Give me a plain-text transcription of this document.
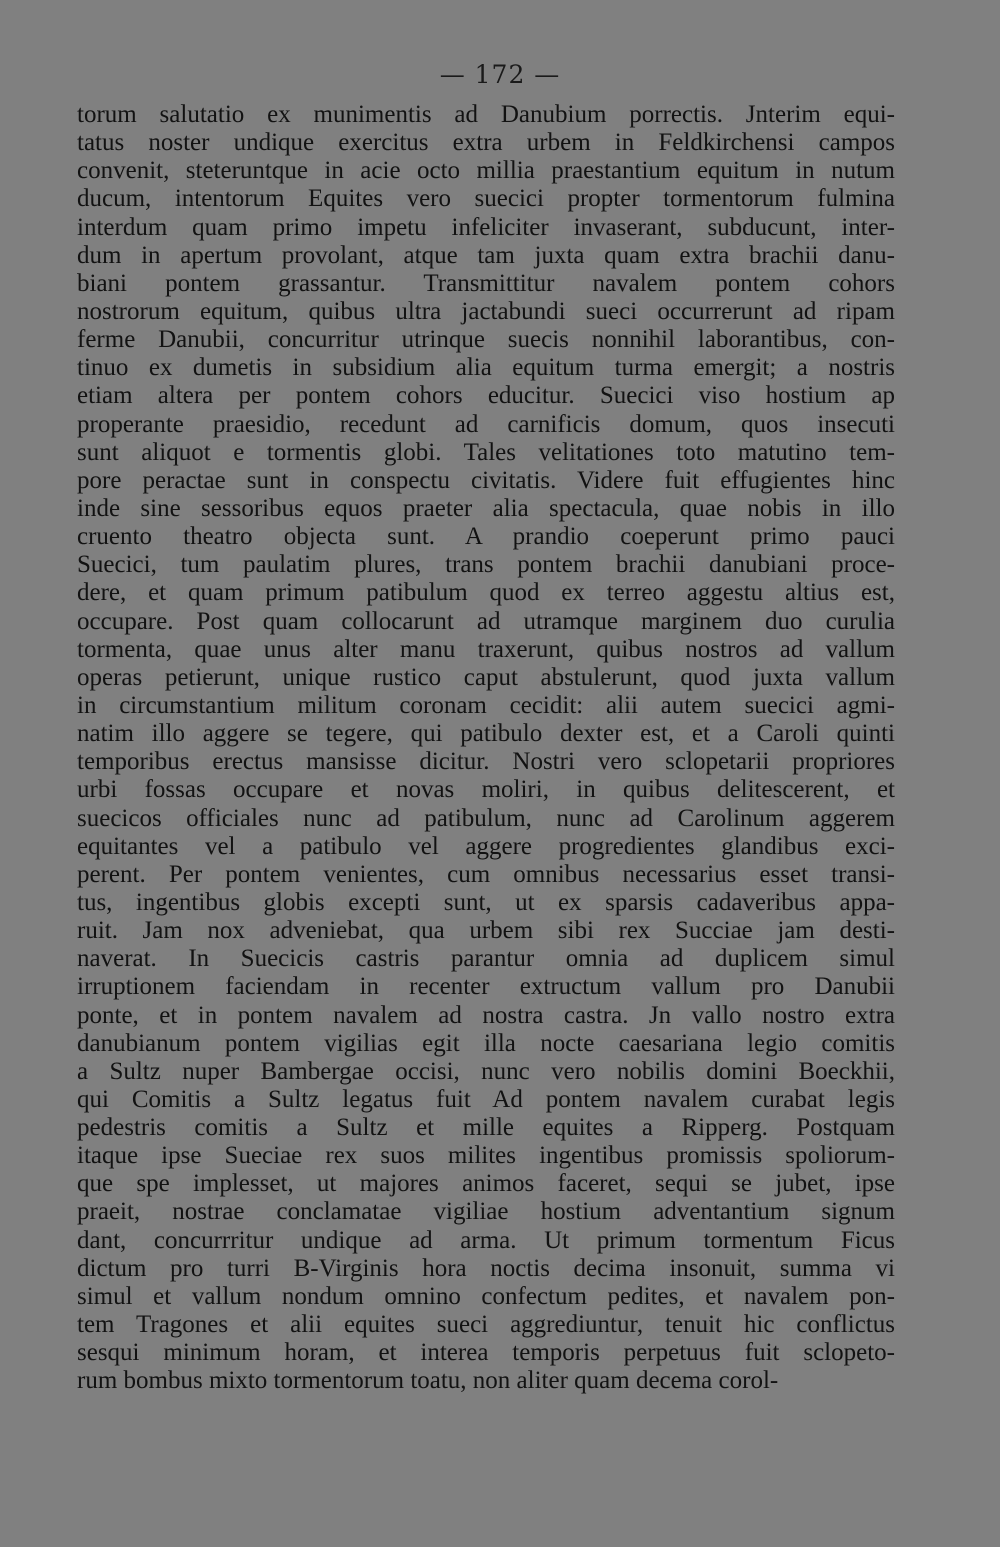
— 172 —
torum salutatio ex munimentis ad Danubium porrectis. Jnterim equi-
tatus noster undique exercitus extra urbem in Feldkirchensi campos
convenit, steteruntque in acie octo millia praestantium equitum in nutum
ducum, intentorum Equites vero suecici propter tormentorum fulmina
interdum quam primo impetu infeliciter invaserant, subducunt, inter-
dum in apertum provolant, atque tam juxta quam extra brachii danu-
biani pontem grassantur. Transmittitur navalem pontem cohors
nostrorum equitum, quibus ultra jactabundi sueci occurrerunt ad ripam
ferme Danubii, concurritur utrinque suecis nonnihil laborantibus, con-
tinuo ex dumetis in subsidium alia equitum turma emergit; a nostris
etiam altera per pontem cohors educitur. Suecici viso hostium ap
properante praesidio, recedunt ad carnificis domum, quos insecuti
sunt aliquot e tormentis globi. Tales velitationes toto matutino tem-
pore peractae sunt in conspectu civitatis. Videre fuit effugientes hinc
inde sine sessoribus equos praeter alia spectacula, quae nobis in illo
cruento theatro objecta sunt. A prandio coeperunt primo pauci
Suecici, tum paulatim plures, trans pontem brachii danubiani proce-
dere, et quam primum patibulum quod ex terreo aggestu altius est,
occupare. Post quam collocarunt ad utramque marginem duo curulia
tormenta, quae unus alter manu traxerunt, quibus nostros ad vallum
operas petierunt, unique rustico caput abstulerunt, quod juxta vallum
in circumstantium militum coronam cecidit: alii autem suecici agmi-
natim illo aggere se tegere, qui patibulo dexter est, et a Caroli quinti
temporibus erectus mansisse dicitur. Nostri vero sclopetarii propriores
urbi fossas occupare et novas moliri, in quibus delitescerent, et
suecicos officiales nunc ad patibulum, nunc ad Carolinum aggerem
equitantes vel a patibulo vel aggere progredientes glandibus exci-
perent. Per pontem venientes, cum omnibus necessarius esset transi-
tus, ingentibus globis excepti sunt, ut ex sparsis cadaveribus appa-
ruit. Jam nox adveniebat, qua urbem sibi rex Succiae jam desti-
naverat. In Suecicis castris parantur omnia ad duplicem simul
irruptionem faciendam in recenter extructum vallum pro Danubii
ponte, et in pontem navalem ad nostra castra. Jn vallo nostro extra
danubianum pontem vigilias egit illa nocte caesariana legio comitis
a Sultz nuper Bambergae occisi, nunc vero nobilis domini Boeckhii,
qui Comitis a Sultz legatus fuit Ad pontem navalem curabat legis
pedestris comitis a Sultz et mille equites a Ripperg. Postquam
itaque ipse Sueciae rex suos milites ingentibus promissis spoliorum-
que spe implesset, ut majores animos faceret, sequi se jubet, ipse
praeit, nostrae conclamatae vigiliae hostium adventantium signum
dant, concurrritur undique ad arma. Ut primum tormentum Ficus
dictum pro turri B-Virginis hora noctis decima insonuit, summa vi
simul et vallum nondum omnino confectum pedites, et navalem pon-
tem Tragones et alii equites sueci aggrediuntur, tenuit hic conflictus
sesqui minimum horam, et interea temporis perpetuus fuit sclopeto-
rum bombus mixto tormentorum toatu, non aliter quam decema corol-
